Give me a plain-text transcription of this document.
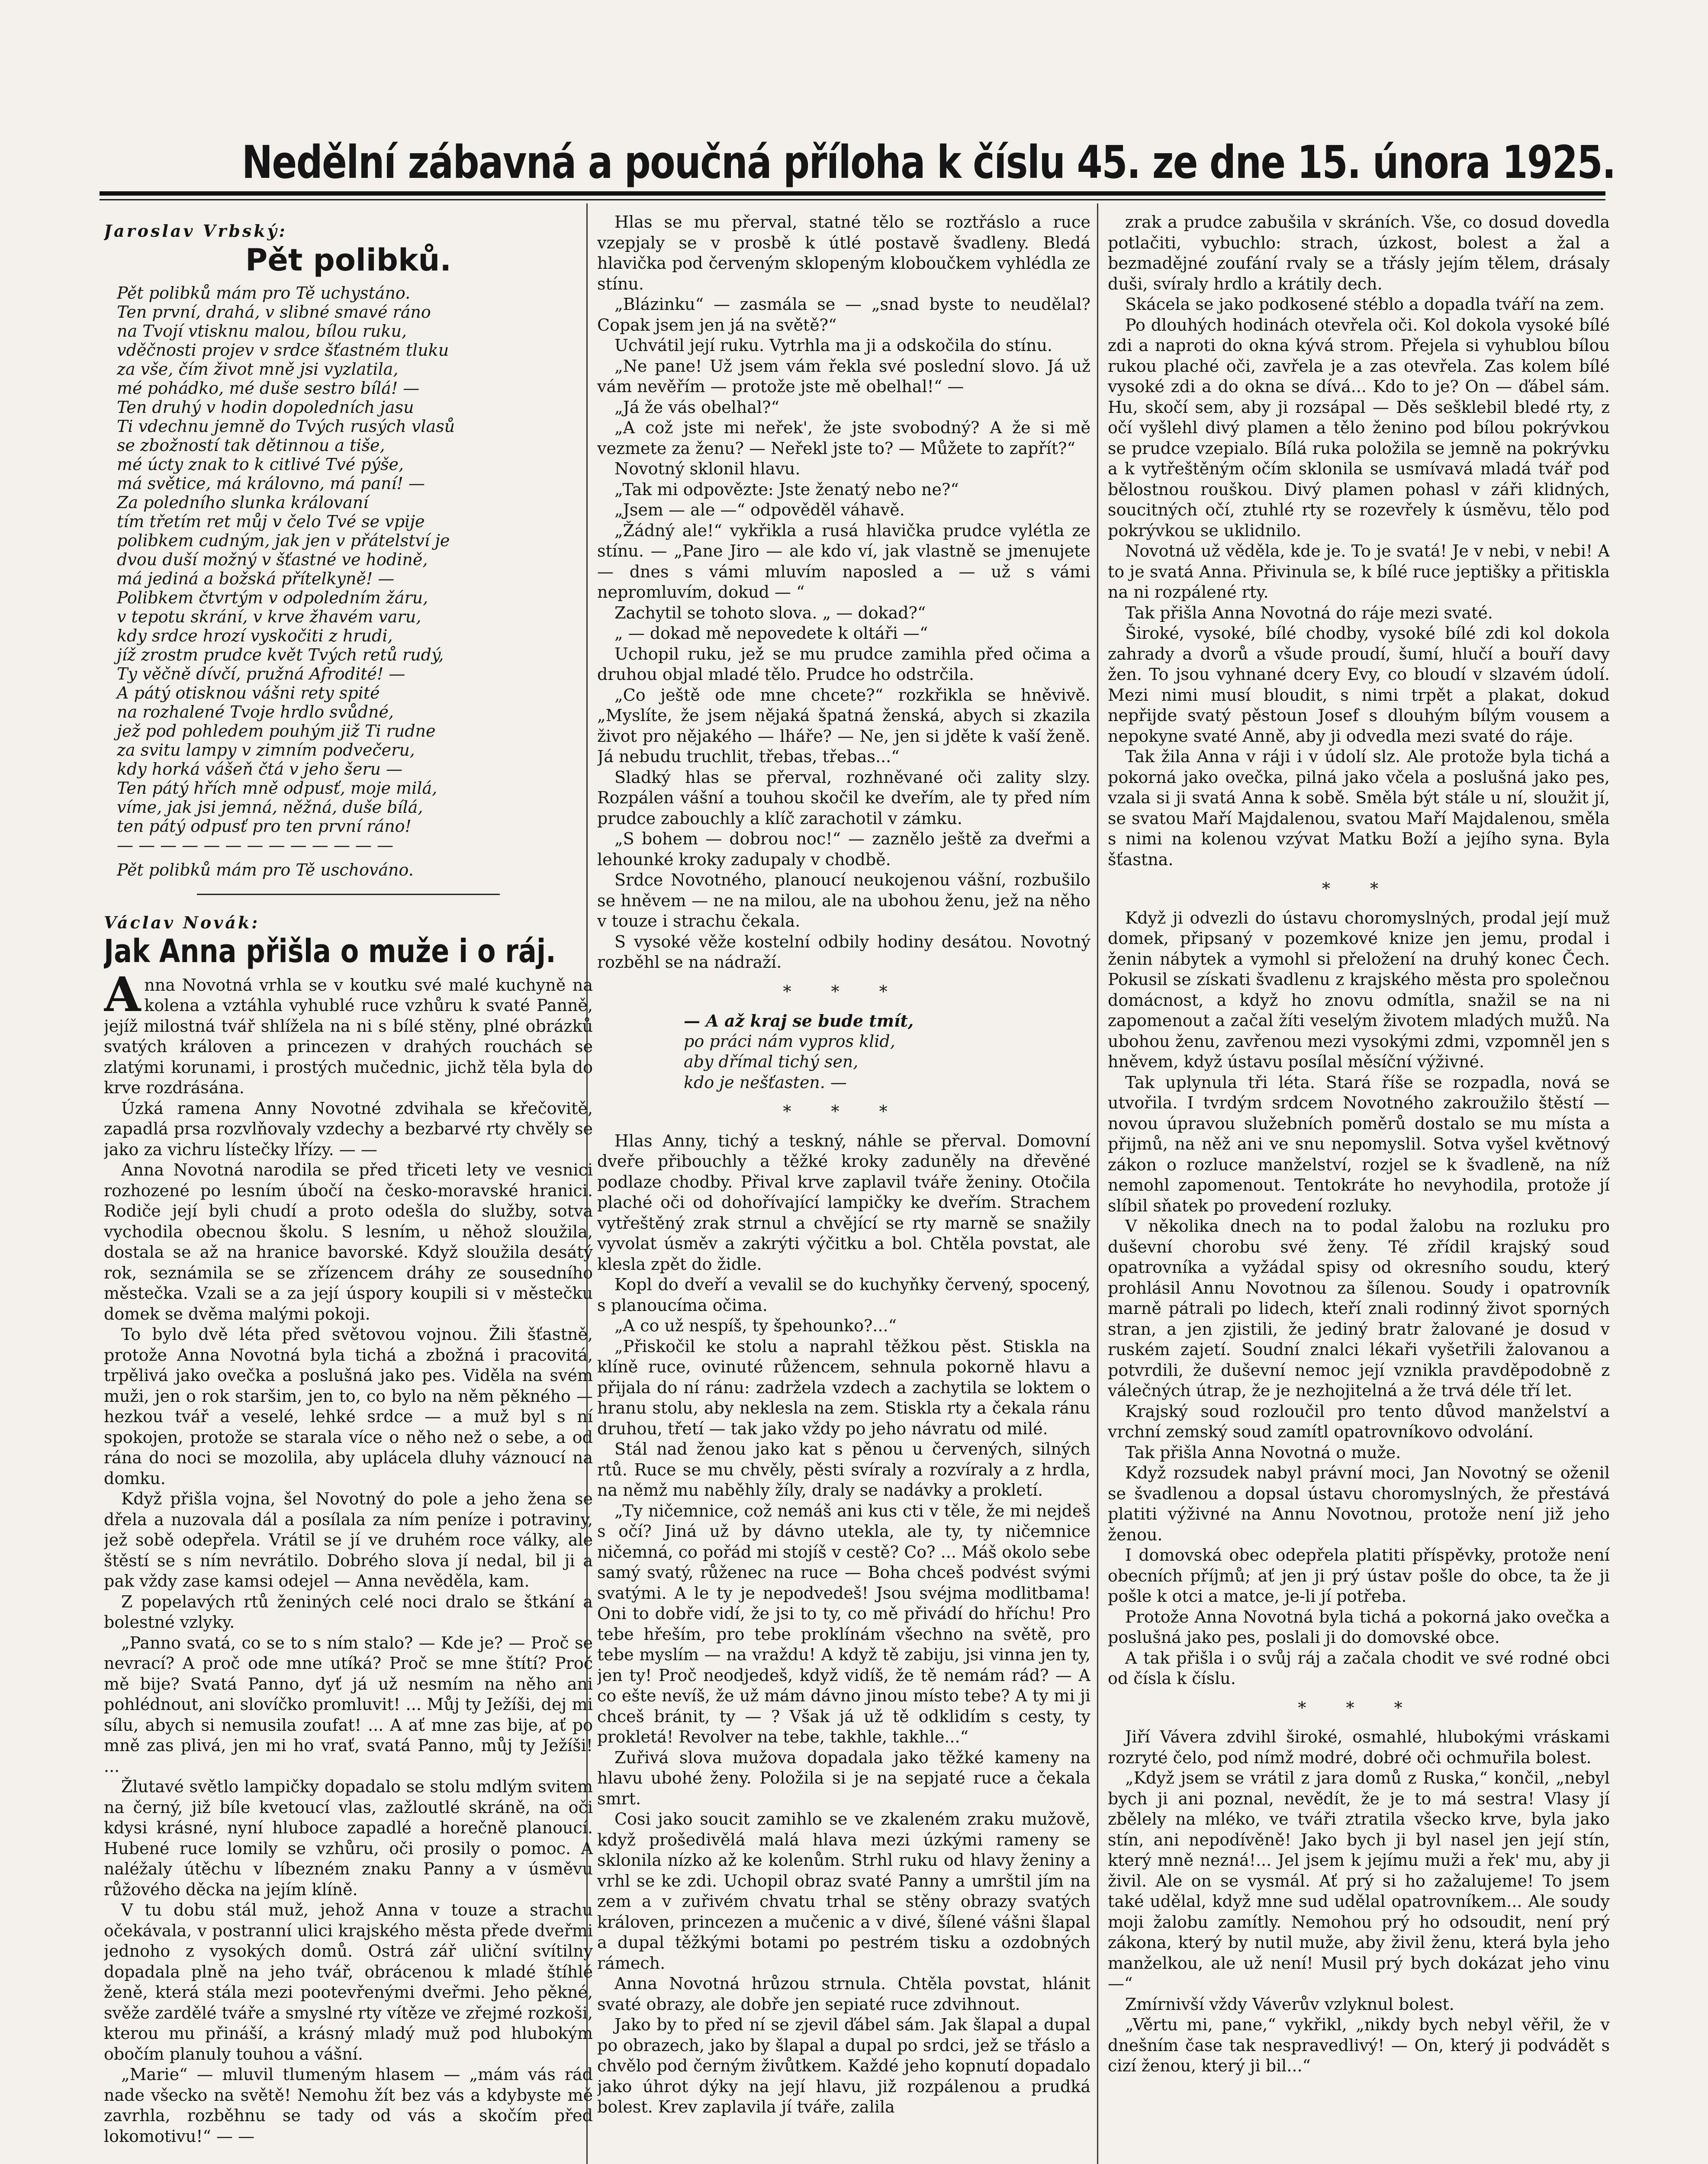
Nedělní zábavná a poučná příloha k číslu 45. ze dne 15. února 1925.

Jaroslav Vrbský:

Pět polibků.

Pět polibků mám pro Tě uchystáno.
Ten první, drahá, v slibné smavé ráno
na Tvojí vtisknu malou, bílou ruku,
vděčnosti projev v srdce šťastném tluku
za vše, čím život mně jsi vyzlatila,
mé pohádko, mé duše sestro bílá! —
Ten druhý v hodin dopoledních jasu
Ti vdechnu jemně do Tvých rusých vlasů
se zbožností tak dětinnou a tiše,
mé úcty znak to k citlivé Tvé pýše,
má světice, má královno, má paní! —
Za poledního slunka královaní
tím třetím ret můj v čelo Tvé se vpije
polibkem cudným, jak jen v přátelství je
dvou duší možný v šťastné ve hodině,
má jediná a božská přítelkyně! —
Polibkem čtvrtým v odpoledním žáru,
v tepotu skrání, v krve žhavém varu,
kdy srdce hrozí vyskočiti z hrudi,
jíž zrostm prudce květ Tvých retů rudý,
Ty věčně dívčí, pružná Afrodité! —
A pátý otisknou vášni rety spité
na rozhalené Tvoje hrdlo svůdné,
jež pod pohledem pouhým již Ti rudne
za svitu lampy v zimním podvečeru,
kdy horká vášeň čtá v jeho šeru —
Ten pátý hřích mně odpusť, moje milá,
víme, jak jsi jemná, něžná, duše bílá,
ten pátý odpusť pro ten první ráno!
— — — — — — — — — — — — —

Pět polibků mám pro Tě uschováno.

Václav Novák:

Jak Anna přišla o muže i o ráj.

Anna Novotná vrhla se v koutku své malé kuchyně na kolena a vztáhla vyhublé ruce vzhůru k svaté Panně, jejíž milostná tvář shlížela na ni s bílé stěny, plné obrázků svatých královen a princezen v drahých rouchách se zlatými korunami, i prostých mučednic, jichž těla byla do krve rozdrásána.

Úzká ramena Anny Novotné zdvihala se křečovitě, zapadlá prsa rozvlňovaly vzdechy a bezbarvé rty chvěly se jako za vichru lístečky lřízy. — —

Anna Novotná narodila se před třiceti lety ve vesnici rozhozené po lesním úbočí na česko-moravské hranici. Rodiče její byli chudí a proto odešla do služby, sotva vychodila obecnou školu. S lesním, u něhož sloužila, dostala se až na hranice bavorské. Když sloužila desátý rok, seznámila se se zřízencem dráhy ze sousedního městečka. Vzali se a za její úspory koupili si v městečku domek se dvěma malými pokoji.

To bylo dvě léta před světovou vojnou. Žili šťastně, protože Anna Novotná byla tichá a zbožná i pracovitá, trpělivá jako ovečka a poslušná jako pes. Viděla na svém muži, jen o rok staršim, jen to, co bylo na něm pěkného — hezkou tvář a veselé, lehké srdce — a muž byl s ní spokojen, protože se starala více o něho než o sebe, a od rána do noci se mozolila, aby uplácela dluhy váznoucí na domku.

Když přišla vojna, šel Novotný do pole a jeho žena se dřela a nuzovala dál a posílala za ním peníze i potraviny, jež sobě odepřela. Vrátil se jí ve druhém roce války, ale štěstí se s ním nevrátilo. Dobrého slova jí nedal, bil ji a pak vždy zase kamsi odejel — Anna nevěděla, kam.

Z popelavých rtů ženiných celé noci dralo se štkání a bolestné vzlyky.

„Panno svatá, co se to s ním stalo? — Kde je? — Proč se nevrací? A proč ode mne utíká? Proč se mne štítí? Proč mě bije? Svatá Panno, dyť já už nesmím na něho ani pohlédnout, ani slovíčko promluvit! ... Můj ty Ježíši, dej mi sílu, abych si nemusila zoufat! ... A ať mne zas bije, ať po mně zas plivá, jen mi ho vrať, svatá Panno, můj ty Ježíši! ...

Žlutavé světlo lampičky dopadalo se stolu mdlým svitem na černý, již bíle kvetoucí vlas, zažloutlé skráně, na oči kdysi krásné, nyní hluboce zapadlé a horečně planoucí. Hubené ruce lomily se vzhůru, oči prosily o pomoc. A naléžaly útěchu v líbezném znaku Panny a v úsměvu růžového děcka na jejím klíně.

V tu dobu stál muž, jehož Anna v touze a strachu očekávala, v postranní ulici krajského města přede dveřmi jednoho z vysokých domů. Ostrá zář uliční svítilny dopadala plně na jeho tvář, obrácenou k mladé štíhlé ženě, která stála mezi pootevřenými dveřmi. Jeho pěkné, svěže zardělé tváře a smyslné rty vítěze ve zřejmé rozkoši, kterou mu přináší, a krásný mladý muž pod hlubokým obočím planuly touhou a vášní.

„Marie“ — mluvil tlumeným hlasem — „mám vás rád nade všecko na světě! Nemohu žít bez vás a kdybyste mě zavrhla, rozběhnu se tady od vás a skočím před lokomotivu!“ — —

Hlas se mu přerval, statné tělo se roztřáslo a ruce vzepjaly se v prosbě k útlé postavě švadleny. Bledá hlavička pod červeným sklopeným kloboučkem vyhlédla ze stínu.

„Blázinku“ — zasmála se — „snad byste to neudělal? Copak jsem jen já na světě?“

Uchvátil její ruku. Vytrhla ma ji a odskočila do stínu.

„Ne pane! Už jsem vám řekla své poslední slovo. Já už vám nevěřím — protože jste mě obelhal!“ —

„Já že vás obelhal?“

„A což jste mi neřek', že jste svobodný? A že si mě vezmete za ženu? — Neřekl jste to? — Můžete to zapřít?“

Novotný sklonil hlavu.

„Tak mi odpovězte: Jste ženatý nebo ne?“

„Jsem — ale —“ odpověděl váhavě.

„Žádný ale!“ vykřikla a rusá hlavička prudce vylétla ze stínu. — „Pane Jiro — ale kdo ví, jak vlastně se jmenujete — dnes s vámi mluvím naposled a — už s vámi nepromluvím, dokud — “

Zachytil se tohoto slova. „ — dokad?“

„ — dokad mě nepovedete k oltáři —“

Uchopil ruku, jež se mu prudce zamihla před očima a druhou objal mladé tělo. Prudce ho odstrčila.

„Co ještě ode mne chcete?“ rozkřikla se hněvivě. „Myslíte, že jsem nějaká špatná ženská, abych si zkazila život pro nějakého — lháře? — Ne, jen si jděte k vaší ženě. Já nebudu truchlit, třebas, třebas...“

Sladký hlas se přerval, rozhněvané oči zality slzy. Rozpálen vášní a touhou skočil ke dveřím, ale ty před ním prudce zabouchly a klíč zarachotil v zámku.

„S bohem — dobrou noc!“ — zaznělo ještě za dveřmi a lehounké kroky zadupaly v chodbě.

Srdce Novotného, planoucí neukojenou vášní, rozbušilo se hněvem — ne na milou, ale na ubohou ženu, jež na něho v touze i strachu čekala.

S vysoké věže kostelní odbily hodiny desátou. Novotný rozběhl se na nádraží.

* * *

— A až kraj se bude tmít,

po práci nám vypros klid,

aby dřímal tichý sen,

kdo je nešťasten. —

* * *

Hlas Anny, tichý a teskný, náhle se přerval. Domovní dveře přibouchly a těžké kroky zaduněly na dřevěné podlaze chodby. Přival krve zaplavil tváře ženiny. Otočila plaché oči od dohořívající lampičky ke dveřím. Strachem vytřeštěný zrak strnul a chvějící se rty marně se snažily vyvolat úsměv a zakrýti výčitku a bol. Chtěla povstat, ale klesla zpět do židle.

Kopl do dveří a vevalil se do kuchyňky červený, spocený, s planoucíma očima.

„A co už nespíš, ty špehounko?...“

„Přiskočil ke stolu a naprahl těžkou pěst. Stiskla na klíně ruce, ovinuté růžencem, sehnula pokorně hlavu a přijala do ní ránu: zadržela vzdech a zachytila se loktem o hranu stolu, aby neklesla na zem. Stiskla rty a čekala ránu druhou, třetí — tak jako vždy po jeho návratu od milé.

Stál nad ženou jako kat s pěnou u červených, silných rtů. Ruce se mu chvěly, pěsti svíraly a rozvíraly a z hrdla, na němž mu naběhly žíly, draly se nadávky a prokletí.

„Ty ničemnice, což nemáš ani kus cti v těle, že mi nejdeš s očí? Jiná už by dávno utekla, ale ty, ty ničemnice ničemná, co pořád mi stojíš v cestě? Co? ... Máš okolo sebe samý svatý, růženec na ruce — Boha chceš podvést svými svatými. A le ty je nepodvedeš! Jsou svéjma modlitbama! Oni to dobře vidí, že jsi to ty, co mě přivádí do hříchu! Pro tebe hřeším, pro tebe proklínám všechno na světě, pro tebe myslím — na vraždu! A když tě zabiju, jsi vinna jen ty, jen ty! Proč neodjedeš, když vidíš, že tě nemám rád? — A co ešte nevíš, že už mám dávno jinou místo tebe? A ty mi ji chceš bránit, ty — ? Však já už tě odklidím s cesty, ty prokletá! Revolver na tebe, takhle, takhle...“

Zuřivá slova mužova dopadala jako těžké kameny na hlavu ubohé ženy. Položila si je na sepjaté ruce a čekala smrt.

Cosi jako soucit zamihlo se ve zkaleném zraku mužově, když prošedivělá malá hlava mezi úzkými rameny se sklonila nízko až ke kolenům. Strhl ruku od hlavy ženiny a vrhl se ke zdi. Uchopil obraz svaté Panny a umrštil jím na zem a v zuřivém chvatu trhal se stěny obrazy svatých královen, princezen a mučenic a v divé, šílené vášni šlapal a dupal těžkými botami po pestrém tisku a ozdobných rámech.

Anna Novotná hrůzou strnula. Chtěla povstat, hlánit svaté obrazy, ale dobře jen sepiaté ruce zdvihnout.

Jako by to před ní se zjevil ďábel sám. Jak šlapal a dupal po obrazech, jako by šlapal a dupal po srdci, jež se třáslo a chvělo pod černým živůtkem. Každé jeho kopnutí dopadalo jako úhrot dýky na její hlavu, již rozpálenou a prudká bolest. Krev zaplavila jí tváře, zalila

zrak a prudce zabušila v skráních. Vše, co dosud dovedla potlačiti, vybuchlo: strach, úzkost, bolest a žal a bezmadějné zoufání rvaly se a třásly jejím tělem, drásaly duši, svíraly hrdlo a krátily dech.

Skácela se jako podkosené stéblo a dopadla tváří na zem.

Po dlouhých hodinách otevřela oči. Kol dokola vysoké bílé zdi a naproti do okna kývá strom. Přejela si vyhublou bílou rukou plaché oči, zavřela je a zas otevřela. Zas kolem bílé vysoké zdi a do okna se dívá... Kdo to je? On — ďábel sám. Hu, skočí sem, aby ji rozsápal — Děs sešklebil bledé rty, z očí vyšlehl divý plamen a tělo ženino pod bílou pokrývkou se prudce vzepialo. Bílá ruka položila se jemně na pokrývku a k vytřeštěným očím sklonila se usmívavá mladá tvář pod bělostnou rouškou. Divý plamen pohasl v záři klidných, soucitných očí, ztuhlé rty se rozevřely k úsměvu, tělo pod pokrývkou se uklidnilo.

Novotná už věděla, kde je. To je svatá! Je v nebi, v nebi! A to je svatá Anna. Přivinula se, k bílé ruce jeptišky a přitiskla na ni rozpálené rty.

Tak přišla Anna Novotná do ráje mezi svaté.

Široké, vysoké, bílé chodby, vysoké bílé zdi kol dokola zahrady a dvorů a všude proudí, šumí, hlučí a bouří davy žen. To jsou vyhnané dcery Evy, co bloudí v slzavém údolí. Mezi nimi musí bloudit, s nimi trpět a plakat, dokud nepřijde svatý pěstoun Josef s dlouhým bílým vousem a nepokyne svaté Anně, aby ji odvedla mezi svaté do ráje.

Tak žila Anna v ráji i v údolí slz. Ale protože byla tichá a pokorná jako ovečka, pilná jako včela a poslušná jako pes, vzala si ji svatá Anna k sobě. Směla být stále u ní, sloužit jí, se svatou Maří Majdalenou, svatou Maří Majdalenou, směla s nimi na kolenou vzývat Matku Boží a jejího syna. Byla šťastna.

* *

Když ji odvezli do ústavu choromyslných, prodal její muž domek, připsaný v pozemkové knize jen jemu, prodal i ženin nábytek a vymohl si přeložení na druhý konec Čech. Pokusil se získati švadlenu z krajského města pro společnou domácnost, a když ho znovu odmítla, snažil se na ni zapomenout a začal žíti veselým životem mladých mužů. Na ubohou ženu, zavřenou mezi vysokými zdmi, vzpomněl jen s hněvem, když ústavu posílal měsíční výživné.

Tak uplynula tři léta. Stará říše se rozpadla, nová se utvořila. I tvrdým srdcem Novotného zakroužilo štěstí — novou úpravou služebních poměrů dostalo se mu místa a přijmů, na něž ani ve snu nepomyslil. Sotva vyšel květnový zákon o rozluce manželství, rozjel se k švadleně, na níž nemohl zapomenout. Tentokráte ho nevyhodila, protože jí slíbil sňatek po provedení rozluky.

V několika dnech na to podal žalobu na rozluku pro duševní chorobu své ženy. Té zřídil krajský soud opatrovníka a vyžádal spisy od okresního soudu, který prohlásil Annu Novotnou za šílenou. Soudy i opatrovník marně pátrali po lidech, kteří znali rodinný život sporných stran, a jen zjistili, že jediný bratr žalované je dosud v ruském zajetí. Soudní znalci lékaři vyšetřili žalovanou a potvrdili, že duševní nemoc její vznikla pravděpodobně z válečných útrap, že je nezhojitelná a že trvá déle tří let.

Krajský soud rozloučil pro tento důvod manželství a vrchní zemský soud zamítl opatrovníkovo odvolání.

Tak přišla Anna Novotná o muže.

Když rozsudek nabyl právní moci, Jan Novotný se oženil se švadlenou a dopsal ústavu choromyslných, že přestává platiti výživné na Annu Novotnou, protože není již jeho ženou.

I domovská obec odepřela platiti příspěvky, protože není obecních příjmů; ať jen ji prý ústav pošle do obce, ta že ji pošle k otci a matce, je-li jí potřeba.

Protože Anna Novotná byla tichá a pokorná jako ovečka a poslušná jako pes, poslali ji do domovské obce.

A tak přišla i o svůj ráj a začala chodit ve své rodné obci od čísla k číslu.

* * *

Jiří Vávera zdvihl široké, osmahlé, hlubokými vráskami rozryté čelo, pod nímž modré, dobré oči ochmuřila bolest.

„Když jsem se vrátil z jara domů z Ruska,“ končil, „nebyl bych ji ani poznal, nevědít, že je to má sestra! Vlasy jí zbělely na mléko, ve tváři ztratila všecko krve, byla jako stín, ani nepodívěně! Jako bych ji byl nasel jen její stín, který mně nezná!... Jel jsem k jejímu muži a řek' mu, aby ji živil. Ale on se vysmál. Ať prý si ho zažalujeme! To jsem také udělal, když mne sud udělal opatrovníkem... Ale soudy moji žalobu zamítly. Nemohou prý ho odsoudit, není prý zákona, který by nutil muže, aby živil ženu, která byla jeho manželkou, ale už není! Musil prý bych dokázat jeho vinu —“

Zmírnivší vždy Váverův vzlyknul bolest.

„Věrtu mi, pane,“ vykřikl, „nikdy bych nebyl věřil, že v dnešním čase tak nespravedlivý! — On, který ji podvádět s cizí ženou, který ji bil...“
